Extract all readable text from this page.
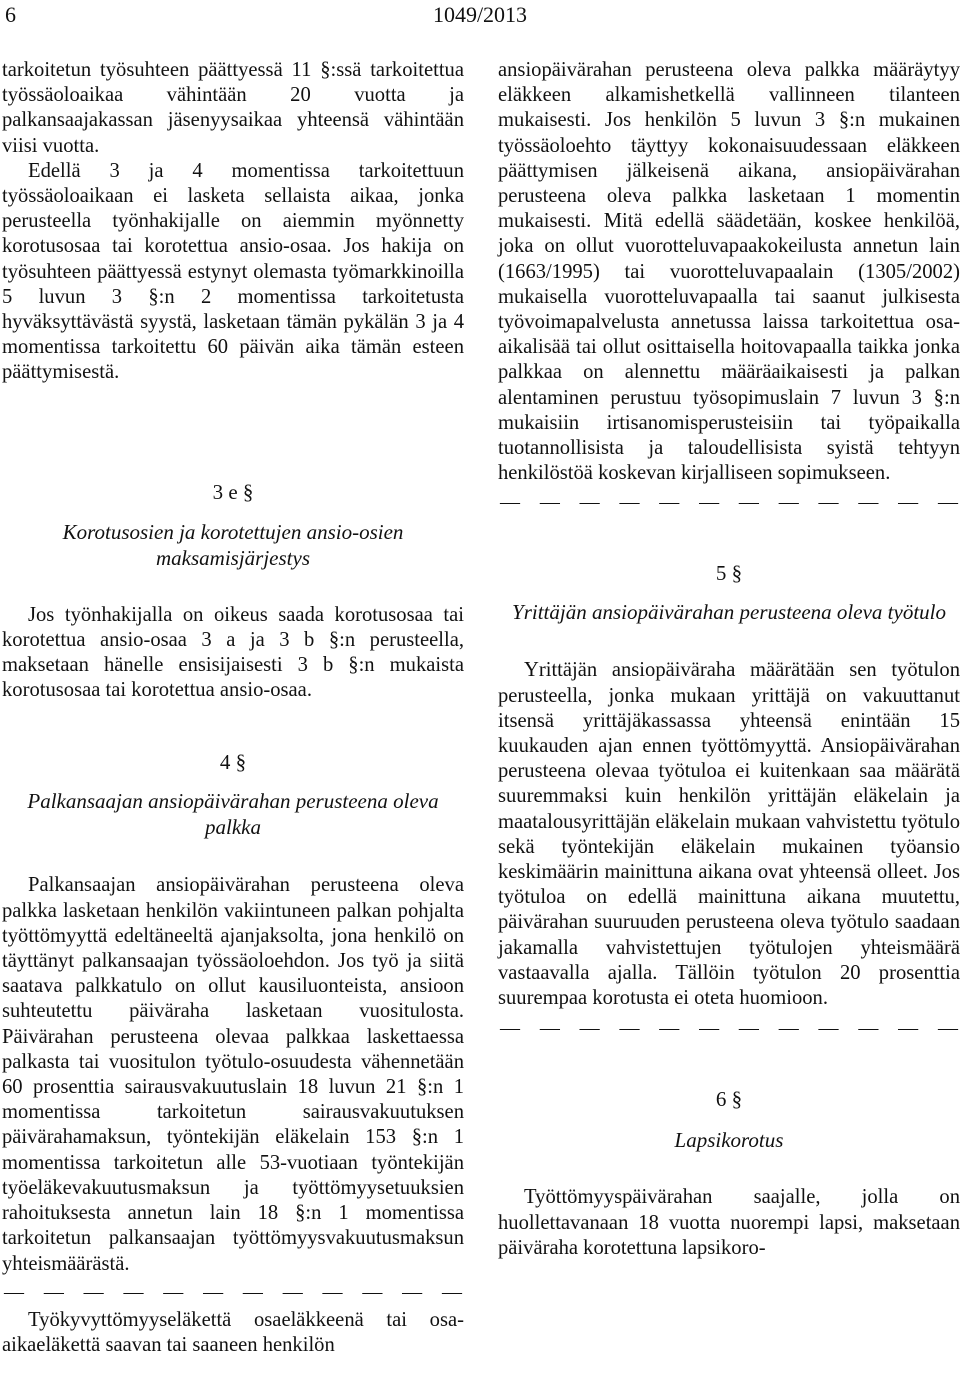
6	1049/2013

tarkoitetun työsuhteen päättyessä 11 §:ssä tarkoitettua työssäoloaikaa vähintään 20 vuotta ja palkansaajakassan jäsenyysaikaa yhteensä vähintään viisi vuotta.

Edellä 3 ja 4 momentissa tarkoitettuun työssäoloaikaan ei lasketa sellaista aikaa, jonka perusteella työnhakijalle on aiemmin myönnetty korotusosaa tai korotettua ansio-osaa. Jos hakija on työsuhteen päättyessä estynyt olemasta työmarkkinoilla 5 luvun 3 §:n 2 momentissa tarkoitetusta hyväksyttävästä syystä, lasketaan tämän pykälän 3 ja 4 momentissa tarkoitettu 60 päivän aika tämän esteen päättymisestä.

3 e §
Korotusosien ja korotettujen ansio-osien maksamisjärjestys

Jos työnhakijalla on oikeus saada korotusosaa tai korotettua ansio-osaa 3 a ja 3 b §:n perusteella, maksetaan hänelle ensisijaisesti 3 b §:n mukaista korotusosaa tai korotettua ansio-osaa.

4 §
Palkansaajan ansiopäivärahan perusteena oleva palkka

Palkansaajan ansiopäivärahan perusteena oleva palkka lasketaan henkilön vakiintuneen palkan pohjalta työttömyyttä edeltäneeltä ajanjaksolta, jona henkilö on täyttänyt palkansaajan työssäoloehdon. Jos työ ja siitä saatava palkkatulo on ollut kausiluonteista, ansioon suhteutettu päiväraha lasketaan vuositulosta. Päivärahan perusteena olevaa palkkaa laskettaessa palkasta tai vuositulon työtulo-osuudesta vähennetään 60 prosenttia sairausvakuutuslain 18 luvun 21 §:n 1 momentissa tarkoitetun sairausvakuutuksen päivärahamaksun, työntekijän eläkelain 153 §:n 1 momentissa tarkoitetun alle 53-vuotiaan työntekijän työeläkevakuutusmaksun ja työttömyysetuuksien rahoituksesta annetun lain 18 §:n 1 momentissa tarkoitetun palkansaajan työttömyysvakuutusmaksun yhteismäärästä.

— — — — — — — — — — — —

Työkyvyttömyyseläkettä osaeläkkeenä tai osa-aikaeläkettä saavan tai saaneen henkilön

ansiopäivärahan perusteena oleva palkka määräytyy eläkkeen alkamishetkellä vallinneen tilanteen mukaisesti. Jos henkilön 5 luvun 3 §:n mukainen työssäoloehto täyttyy kokonaisuudessaan eläkkeen päättymisen jälkeisenä aikana, ansiopäivärahan perusteena oleva palkka lasketaan 1 momentin mukaisesti. Mitä edellä säädetään, koskee henkilöä, joka on ollut vuorotteluvapaakokeilusta annetun lain (1663/1995) tai vuorotteluvapaalain (1305/2002) mukaisella vuorotteluvapaalla tai saanut julkisesta työvoimapalvelusta annetussa laissa tarkoitettua osa-aikalisää tai ollut osittaisella hoitovapaalla taikka jonka palkkaa on alennettu määräaikaisesti ja palkan alentaminen perustuu työsopimuslain 7 luvun 3 §:n mukaisiin irtisanomisperusteisiin tai työpaikalla tuotannollisista ja taloudellisista syistä tehtyyn henkilöstöä koskevan kirjalliseen sopimukseen.

— — — — — — — — — — — —
5 §
Yrittäjän ansiopäivärahan perusteena oleva työtulo

Yrittäjän ansiopäiväraha määrätään sen työtulon perusteella, jonka mukaan yrittäjä on vakuuttanut itsensä yrittäjäkassassa yhteensä enintään 15 kuukauden ajan ennen työttömyyttä. Ansiopäivärahan perusteena olevaa työtuloa ei kuitenkaan saa määrätä suuremmaksi kuin henkilön yrittäjän eläkelain ja maatalousyrittäjän eläkelain mukaan vahvistettu työtulo sekä työntekijän eläkelain mukainen työansio keskimäärin mainittuna aikana ovat yhteensä olleet. Jos työtuloa on edellä mainittuna aikana muutettu, päivärahan suuruuden perusteena oleva työtulo saadaan jakamalla vahvistettujen työtulojen yhteismäärä vastaavalla ajalla. Tällöin työtulon 20 prosenttia suurempaa korotusta ei oteta huomioon.

— — — — — — — — — — — —
6 §
Lapsikorotus

Työttömyyspäivärahan saajalle, jolla on huollettavanaan 18 vuotta nuorempi lapsi, maksetaan päiväraha korotettuna lapsikoro-
